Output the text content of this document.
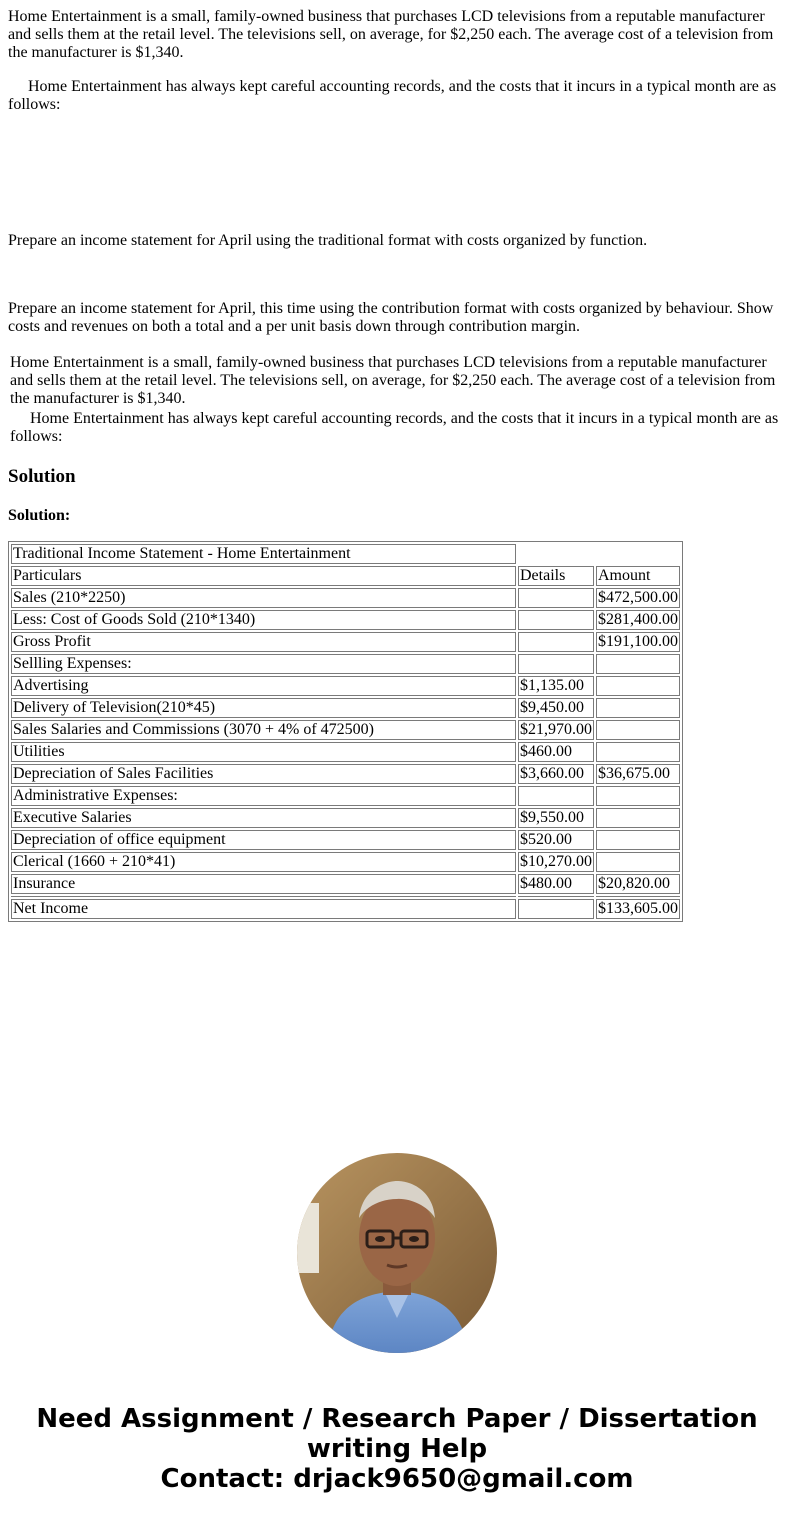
Home Entertainment is a small, family-owned business that purchases LCD televisions from a reputable manufacturer and sells them at the retail level. The televisions sell, on average, for $2,250 each. The average cost of a television from the manufacturer is $1,340.

Home Entertainment has always kept careful accounting records, and the costs that it incurs in a typical month are as follows:

Prepare an income statement for April using the traditional format with costs organized by function.

Prepare an income statement for April, this time using the contribution format with costs organized by behaviour. Show costs and revenues on both a total and a per unit basis down through contribution margin.

Home Entertainment is a small, family-owned business that purchases LCD televisions from a reputable manufacturer and sells them at the retail level. The televisions sell, on average, for $2,250 each. The average cost of a television from the manufacturer is $1,340.

Home Entertainment has always kept careful accounting records, and the costs that it incurs in a typical month are as follows:

Solution

Solution:

Traditional Income Statement - Home Entertainment		
Particulars	Details	Amount
Sales (210*2250)		$472,500.00
Less: Cost of Goods Sold (210*1340)		$281,400.00
Gross Profit		$191,100.00
Sellling Expenses:		
Advertising	$1,135.00	
Delivery of Television(210*45)	$9,450.00	
Sales Salaries and Commissions (3070 + 4% of 472500)	$21,970.00	
Utilities	$460.00	
Depreciation of Sales Facilities	$3,660.00	$36,675.00
Administrative Expenses:		
Executive Salaries	$9,550.00	
Depreciation of office equipment	$520.00	
Clerical (1660 + 210*41)	$10,270.00	
Insurance	$480.00	$20,820.00

Net Income		$133,605.00

Need Assignment / Research Paper / Dissertation writing Help
Contact: drjack9650@gmail.com
